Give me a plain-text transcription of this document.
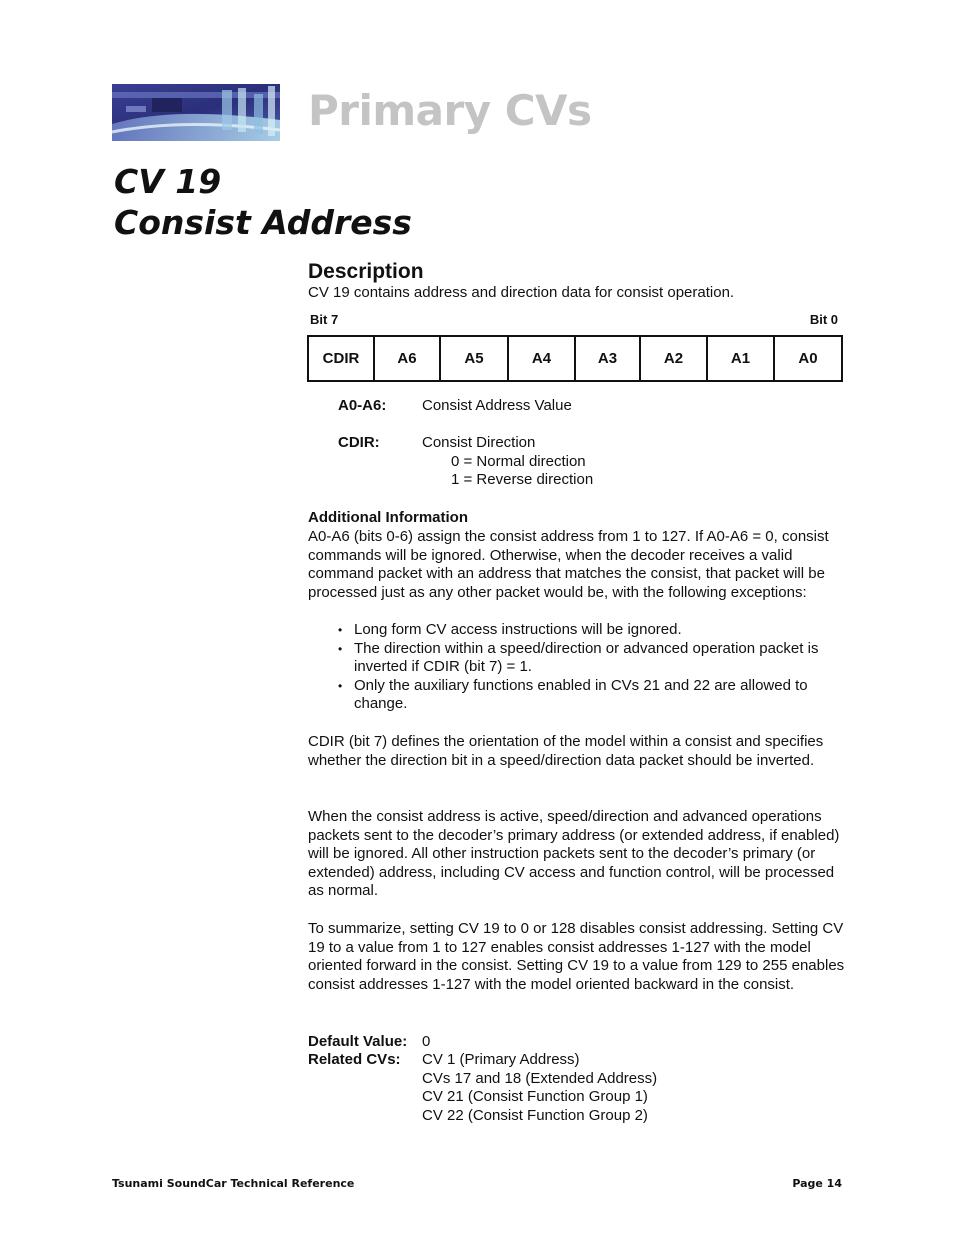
Primary CVs
CV 19
Consist Address
Description

CV 19 contains address and direction data for consist operation.

Bit 7	Bit 0
CDIR	A6	A5	A4	A3	A2	A1	A0
A0-A6: Consist Address Value
CDIR:	Consist Direction
0 = Normal direction
1 = Reverse direction
Additional Information

A0-A6 (bits 0-6) assign the consist address from 1 to 127. If A0-A6 = 0, consist commands will be ignored. Otherwise, when the decoder receives a valid command packet with an address that matches the consist, that packet will be processed just as any other packet would be, with the following exceptions:

• Long form CV access instructions will be ignored.
• The direction within a speed/direction or advanced operation packet is inverted if CDIR (bit 7) = 1.
• Only the auxiliary functions enabled in CVs 21 and 22 are allowed to change.

CDIR (bit 7) defines the orientation of the model within a consist and specifies whether the direction bit in a speed/direction data packet should be inverted.

When the consist address is active, speed/direction and advanced operations packets sent to the decoder’s primary address (or extended address, if enabled) will be ignored. All other instruction packets sent to the decoder’s primary (or extended) address, including CV access and function control, will be processed as normal.

To summarize, setting CV 19 to 0 or 128 disables consist addressing. Setting CV 19 to a value from 1 to 127 enables consist addresses 1-127 with the model oriented forward in the consist. Setting CV 19 to a value from 129 to 255 enables consist addresses 1-127 with the model oriented backward in the consist.

Default Value: 0
Related CVs: CV 1 (Primary Address)
CVs 17 and 18 (Extended Address)
CV 21 (Consist Function Group 1)
CV 22 (Consist Function Group 2)
Tsunami SoundCar Technical Reference	Page 14
